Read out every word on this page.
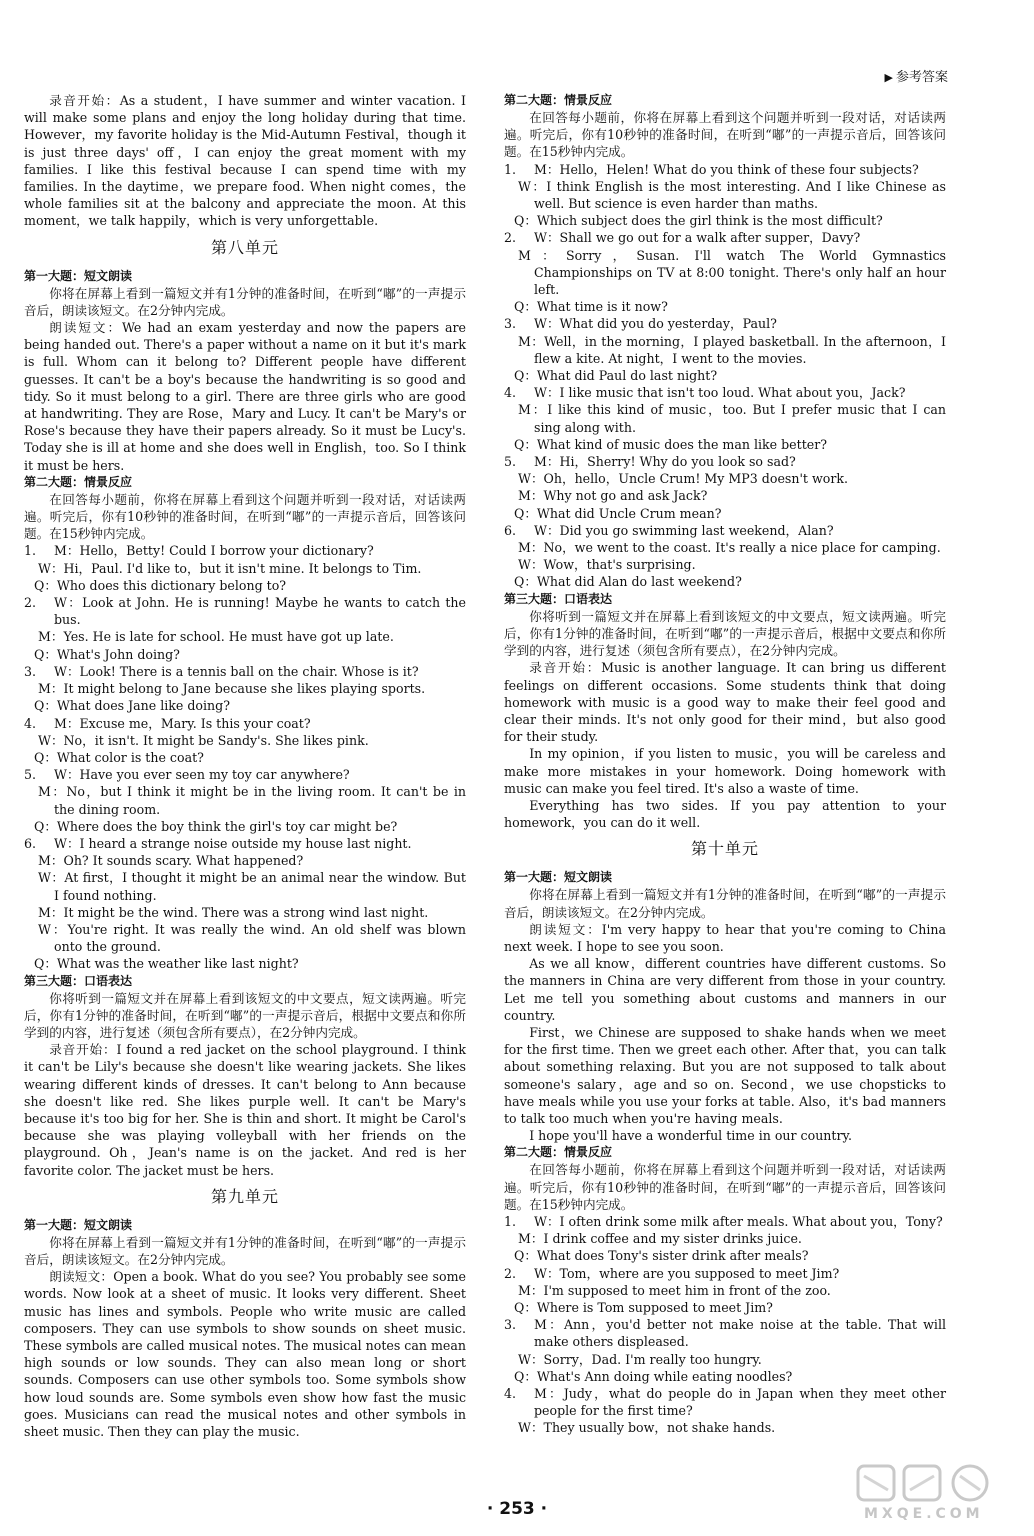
▶ 参考答案

录音开始：As a student，I have summer and winter vacation. I will make some plans and enjoy the long holiday during that time. However，my favorite holiday is the Mid-Autumn Festival，though it is just three days' off，I can enjoy the great moment with my families. I like this festival because I can spend time with my families. In the daytime，we prepare food. When night comes，the whole families sit at the balcony and appreciate the moon. At this moment，we talk happily，which is very unforgettable.

第八单元

第一大题：短文朗读

你将在屏幕上看到一篇短文并有1分钟的准备时间，在听到“嘟”的一声提示音后，朗读该短文。在2分钟内完成。

朗读短文：We had an exam yesterday and now the papers are being handed out. There's a paper without a name on it but it's mark is full. Whom can it belong to? Different people have different guesses. It can't be a boy's because the handwriting is so good and tidy. So it must belong to a girl. There are three girls who are good at handwriting. They are Rose，Mary and Lucy. It can't be Mary's or Rose's because they have their papers already. So it must be Lucy's. Today she is ill at home and she does well in English，too. So I think it must be hers.

第二大题：情景反应

在回答每小题前，你将在屏幕上看到这个问题并听到一段对话，对话读两遍。听完后，你有10秒钟的准备时间，在听到“嘟”的一声提示音后，回答该问题。在15秒钟内完成。

1. M：Hello，Betty! Could I borrow your dictionary?

W：Hi，Paul. I'd like to，but it isn't mine. It belongs to Tim.

Q：Who does this dictionary belong to?

2. W：Look at John. He is running! Maybe he wants to catch the bus.

M：Yes. He is late for school. He must have got up late.

Q：What's John doing?

3. W：Look! There is a tennis ball on the chair. Whose is it?

M：It might belong to Jane because she likes playing sports.

Q：What does Jane like doing?

4. M：Excuse me，Mary. Is this your coat?

W：No，it isn't. It might be Sandy's. She likes pink.

Q：What color is the coat?

5. W：Have you ever seen my toy car anywhere?

M：No，but I think it might be in the living room. It can't be in the dining room.

Q：Where does the boy think the girl's toy car might be?

6. W：I heard a strange noise outside my house last night.

M：Oh? It sounds scary. What happened?

W：At first，I thought it might be an animal near the window. But I found nothing.

M：It might be the wind. There was a strong wind last night.

W：You're right. It was really the wind. An old shelf was blown onto the ground.

Q：What was the weather like last night?

第三大题：口语表达

你将听到一篇短文并在屏幕上看到该短文的中文要点，短文读两遍。听完后，你有1分钟的准备时间，在听到“嘟”的一声提示音后，根据中文要点和你所学到的内容，进行复述（须包含所有要点），在2分钟内完成。

录音开始：I found a red jacket on the school playground. I think it can't be Lily's because she doesn't like wearing jackets. She likes wearing different kinds of dresses. It can't belong to Ann because she doesn't like red. She likes purple well. It can't be Mary's because it's too big for her. She is thin and short. It might be Carol's because she was playing volleyball with her friends on the playground. Oh，Jean's name is on the jacket. And red is her favorite color. The jacket must be hers.

第九单元

第一大题：短文朗读

你将在屏幕上看到一篇短文并有1分钟的准备时间，在听到“嘟”的一声提示音后，朗读该短文。在2分钟内完成。

朗读短文：Open a book. What do you see? You probably see some words. Now look at a sheet of music. It looks very different. Sheet music has lines and symbols. People who write music are called composers. They can use symbols to show sounds on sheet music. These symbols are called musical notes. The musical notes can mean high sounds or low sounds. They can also mean long or short sounds. Composers can use other symbols too. Some symbols show how loud sounds are. Some symbols even show how fast the music goes. Musicians can read the musical notes and other symbols in sheet music. Then they can play the music.

第二大题：情景反应

在回答每小题前，你将在屏幕上看到这个问题并听到一段对话，对话读两遍。听完后，你有10秒钟的准备时间，在听到“嘟”的一声提示音后，回答该问题。在15秒钟内完成。

1. M：Hello，Helen! What do you think of these four subjects?

W：I think English is the most interesting. And I like Chinese as well. But science is even harder than maths.

Q：Which subject does the girl think is the most difficult?

2. W：Shall we go out for a walk after supper，Davy?

M：Sorry，Susan. I'll watch The World Gymnastics Championships on TV at 8:00 tonight. There's only half an hour left.

Q：What time is it now?

3. W：What did you do yesterday，Paul?

M：Well，in the morning，I played basketball. In the afternoon，I flew a kite. At night，I went to the movies.

Q：What did Paul do last night?

4. W：I like music that isn't too loud. What about you，Jack?

M：I like this kind of music，too. But I prefer music that I can sing along with.

Q：What kind of music does the man like better?

5. M：Hi，Sherry! Why do you look so sad?

W：Oh，hello，Uncle Crum! My MP3 doesn't work.

M：Why not go and ask Jack?

Q：What did Uncle Crum mean?

6. W：Did you go swimming last weekend，Alan?

M：No，we went to the coast. It's really a nice place for camping.

W：Wow，that's surprising.

Q：What did Alan do last weekend?

第三大题：口语表达

你将听到一篇短文并在屏幕上看到该短文的中文要点，短文读两遍。听完后，你有1分钟的准备时间，在听到“嘟”的一声提示音后，根据中文要点和你所学到的内容，进行复述（须包含所有要点），在2分钟内完成。

录音开始：Music is another language. It can bring us different feelings on different occasions. Some students think that doing homework with music is a good way to make their feel good and clear their minds. It's not only good for their mind，but also good for their study.

In my opinion，if you listen to music，you will be careless and make more mistakes in your homework. Doing homework with music can make you feel tired. It's also a waste of time.

Everything has two sides. If you pay attention to your homework，you can do it well.

第十单元

第一大题：短文朗读

你将在屏幕上看到一篇短文并有1分钟的准备时间，在听到“嘟”的一声提示音后，朗读该短文。在2分钟内完成。

朗读短文：I'm very happy to hear that you're coming to China next week. I hope to see you soon.

As we all know，different countries have different customs. So the manners in China are very different from those in your country. Let me tell you something about customs and manners in our country.

First，we Chinese are supposed to shake hands when we meet for the first time. Then we greet each other. After that，you can talk about something relaxing. But you are not supposed to talk about someone's salary，age and so on. Second，we use chopsticks to have meals while you use your forks at table. Also，it's bad manners to talk too much when you're having meals.

I hope you'll have a wonderful time in our country.

第二大题：情景反应

在回答每小题前，你将在屏幕上看到这个问题并听到一段对话，对话读两遍。听完后，你有10秒钟的准备时间，在听到“嘟”的一声提示音后，回答该问题。在15秒钟内完成。

1. W：I often drink some milk after meals. What about you，Tony?

M：I drink coffee and my sister drinks juice.

Q：What does Tony's sister drink after meals?

2. W：Tom，where are you supposed to meet Jim?

M：I'm supposed to meet him in front of the zoo.

Q：Where is Tom supposed to meet Jim?

3. M：Ann，you'd better not make noise at the table. That will make others displeased.

W：Sorry，Dad. I'm really too hungry.

Q：What's Ann doing while eating noodles?

4. M：Judy，what do people do in Japan when they meet other people for the first time?

W：They usually bow，not shake hands.

· 253 ·	MXQE.COM
